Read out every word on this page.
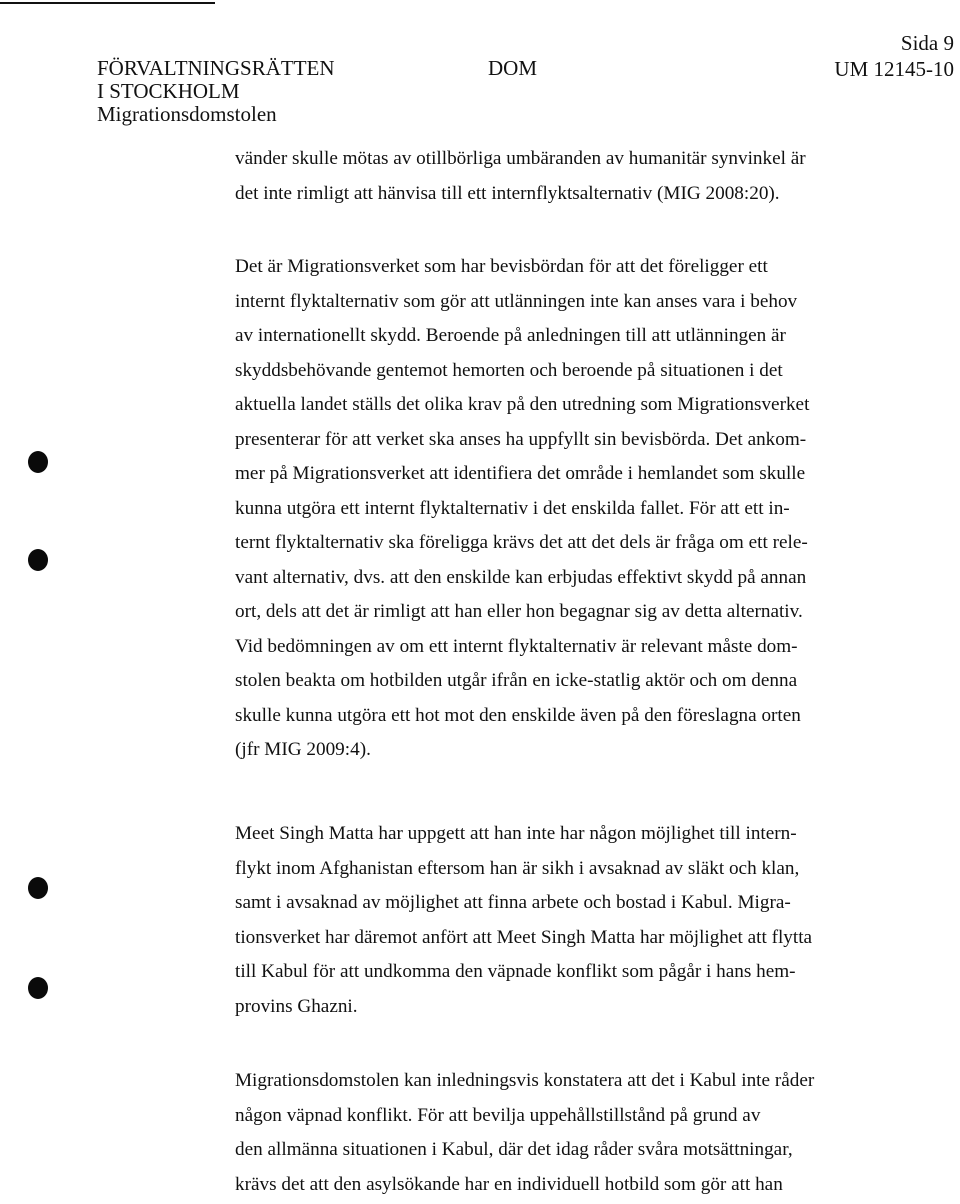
FÖRVALTNINGSRÄTTEN
I STOCKHOLM
Migrationsdomstolen
DOM
Sida 9
UM 12145-10

vänder skulle mötas av otillbörliga umbäranden av humanitär synvinkel är
det inte rimligt att hänvisa till ett internflyktsalternativ (MIG 2008:20).

Det är Migrationsverket som har bevisbördan för att det föreligger ett
internt flyktalternativ som gör att utlänningen inte kan anses vara i behov
av internationellt skydd. Beroende på anledningen till att utlänningen är
skyddsbehövande gentemot hemorten och beroende på situationen i det
aktuella landet ställs det olika krav på den utredning som Migrationsverket
presenterar för att verket ska anses ha uppfyllt sin bevisbörda. Det ankom-
mer på Migrationsverket att identifiera det område i hemlandet som skulle
kunna utgöra ett internt flyktalternativ i det enskilda fallet. För att ett in-
ternt flyktalternativ ska föreligga krävs det att det dels är fråga om ett rele-
vant alternativ, dvs. att den enskilde kan erbjudas effektivt skydd på annan
ort, dels att det är rimligt att han eller hon begagnar sig av detta alternativ.
Vid bedömningen av om ett internt flyktalternativ är relevant måste dom-
stolen beakta om hotbilden utgår ifrån en icke-statlig aktör och om denna
skulle kunna utgöra ett hot mot den enskilde även på den föreslagna orten
(jfr MIG 2009:4).

Meet Singh Matta har uppgett att han inte har någon möjlighet till intern-
flykt inom Afghanistan eftersom han är sikh i avsaknad av släkt och klan,
samt i avsaknad av möjlighet att finna arbete och bostad i Kabul. Migra-
tionsverket har däremot anfört att Meet Singh Matta har möjlighet att flytta
till Kabul för att undkomma den väpnade konflikt som pågår i hans hem-
provins Ghazni.

Migrationsdomstolen kan inledningsvis konstatera att det i Kabul inte råder
någon väpnad konflikt. För att bevilja uppehållstillstånd på grund av
den allmänna situationen i Kabul, där det idag råder svåra motsättningar,
krävs det att den asylsökande har en individuell hotbild som gör att han
